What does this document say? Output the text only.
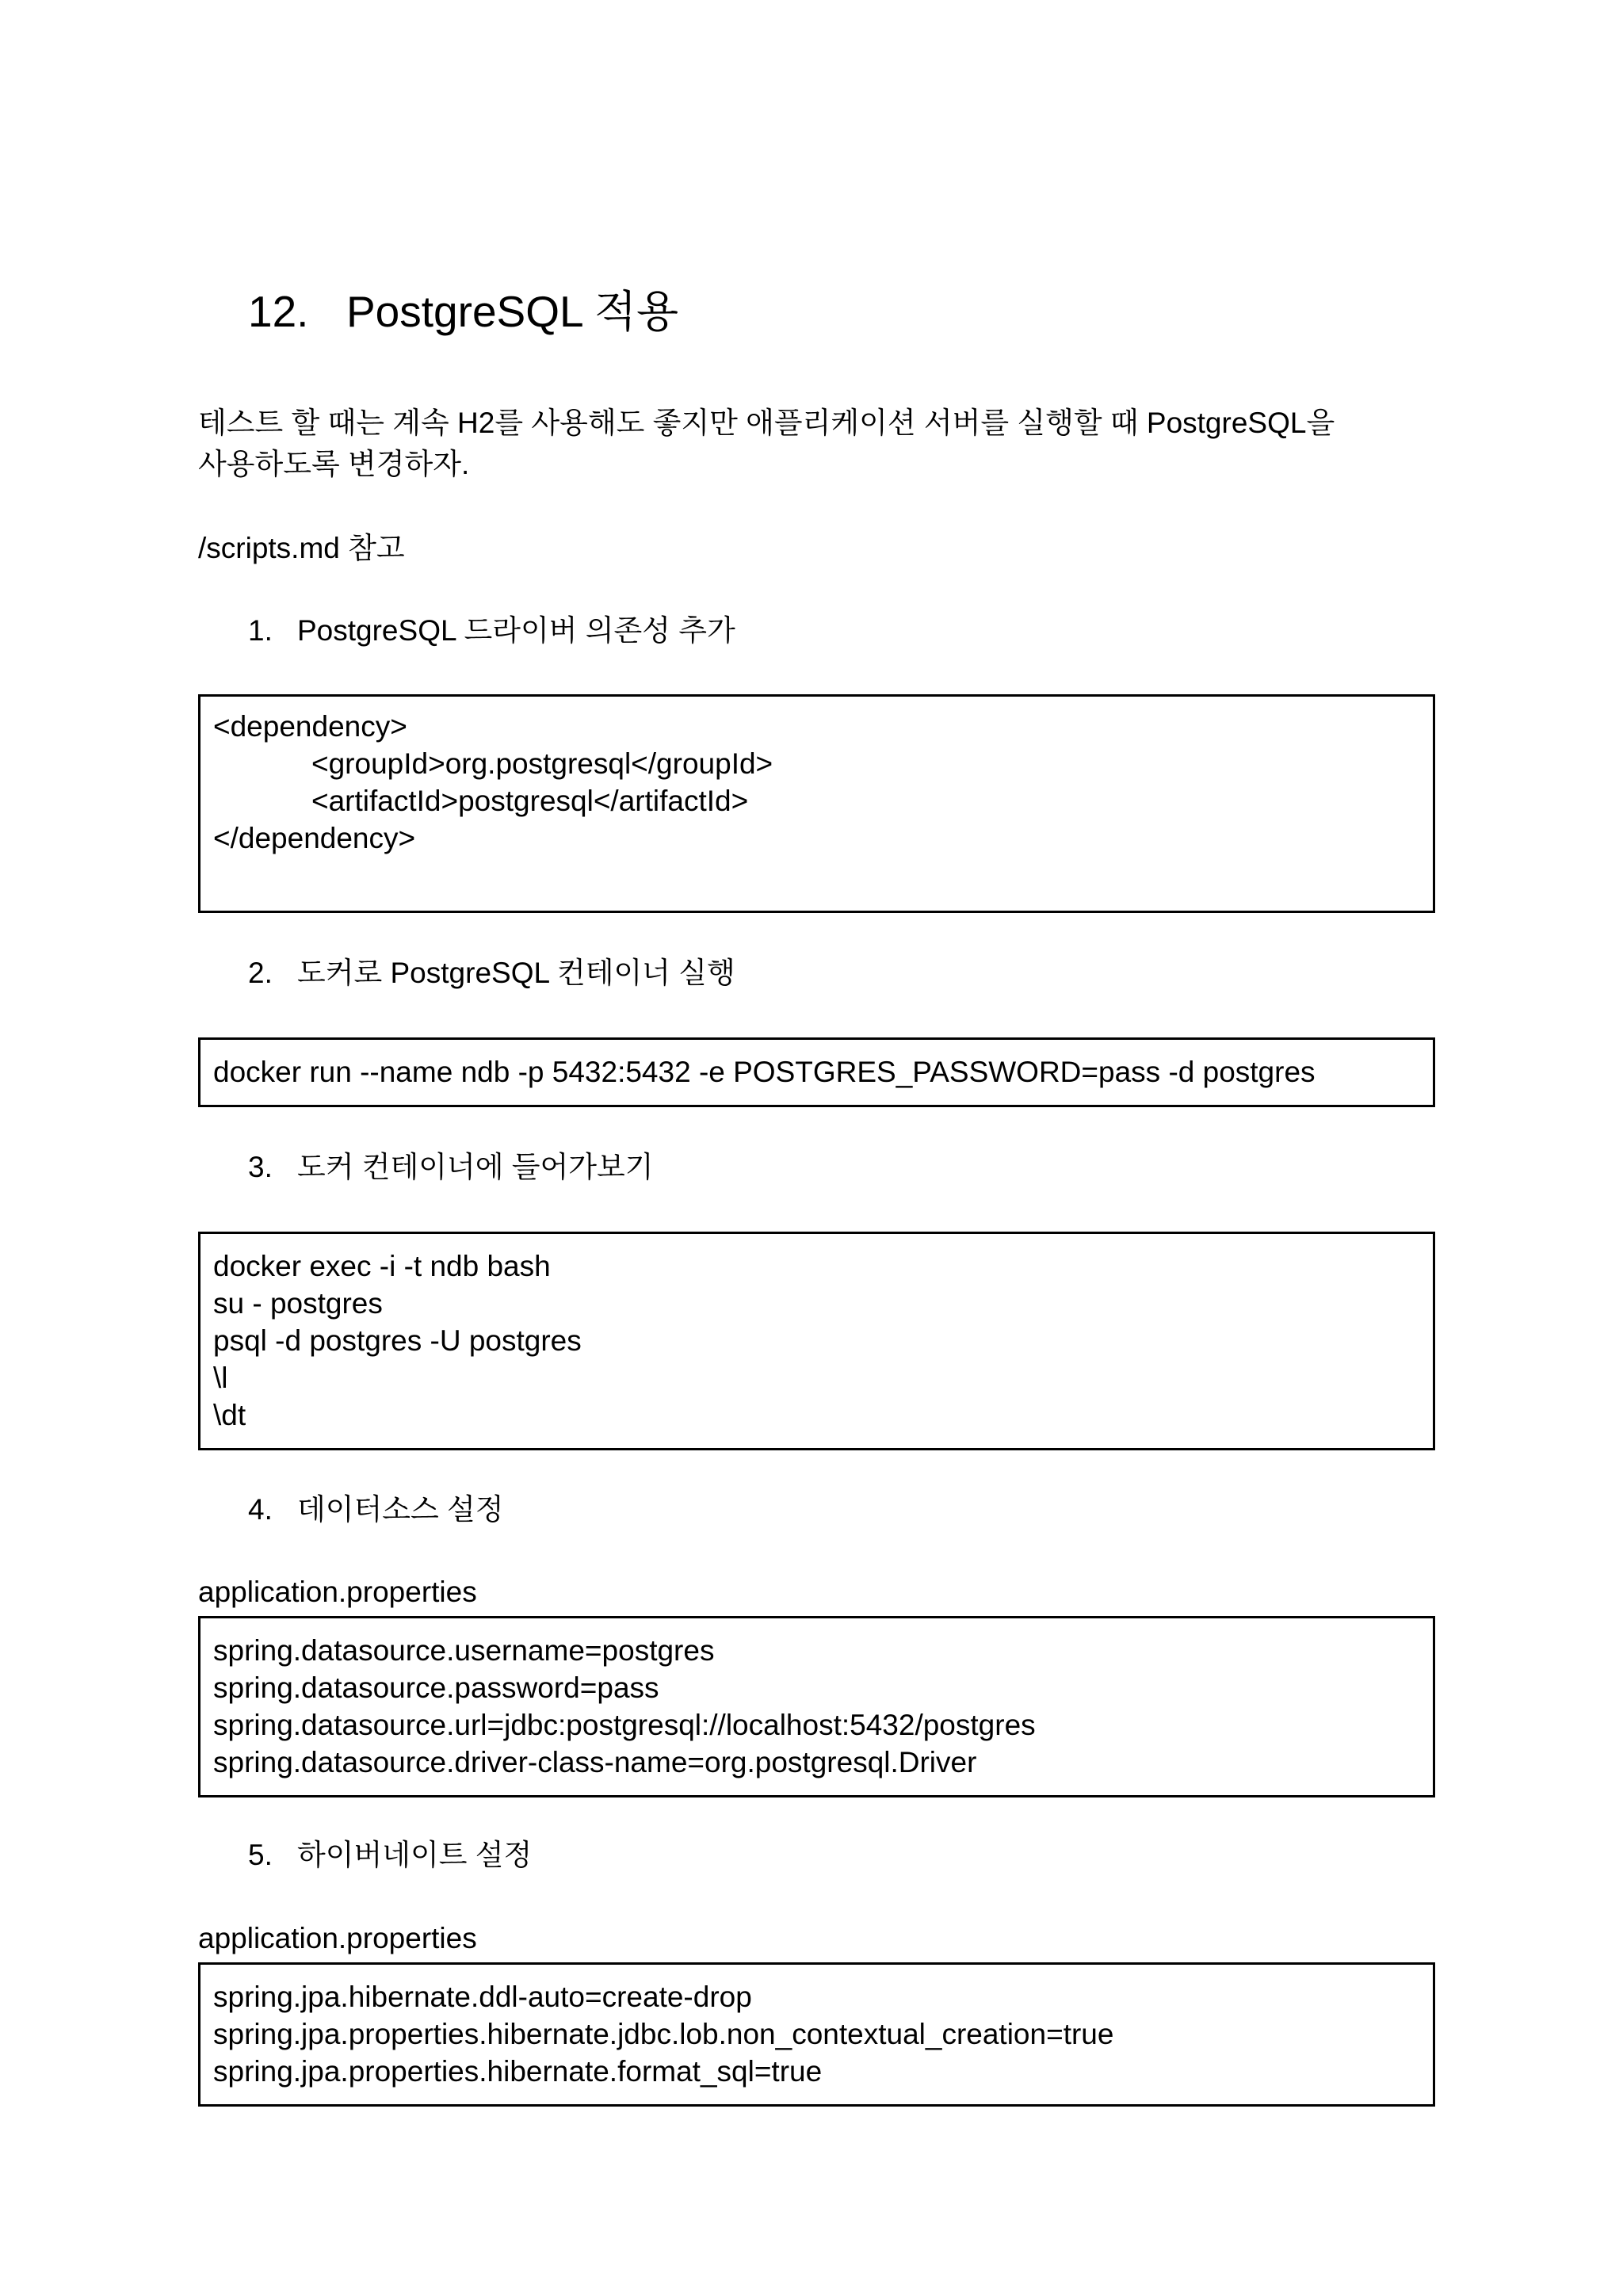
12. PostgreSQL 적용
테스트 할 때는 계속 H2를 사용해도 좋지만 애플리케이션 서버를 실행할 때 PostgreSQL을
사용하도록 변경하자.
/scripts.md 참고
1. PostgreSQL 드라이버 의존성 추가
<dependency>
<groupId>org.postgresql</groupId>
<artifactId>postgresql</artifactId>
</dependency>
2. 도커로 PostgreSQL 컨테이너 실행
docker run --name ndb -p 5432:5432 -e POSTGRES_PASSWORD=pass -d postgres
3. 도커 컨테이너에 들어가보기
docker exec -i -t ndb bash
su - postgres
psql -d postgres -U postgres
\l
\dt
4. 데이터소스 설정
application.properties
spring.datasource.username=postgres
spring.datasource.password=pass
spring.datasource.url=jdbc:postgresql://localhost:5432/postgres
spring.datasource.driver-class-name=org.postgresql.Driver
5. 하이버네이트 설정
application.properties
spring.jpa.hibernate.ddl-auto=create-drop
spring.jpa.properties.hibernate.jdbc.lob.non_contextual_creation=true
spring.jpa.properties.hibernate.format_sql=true
